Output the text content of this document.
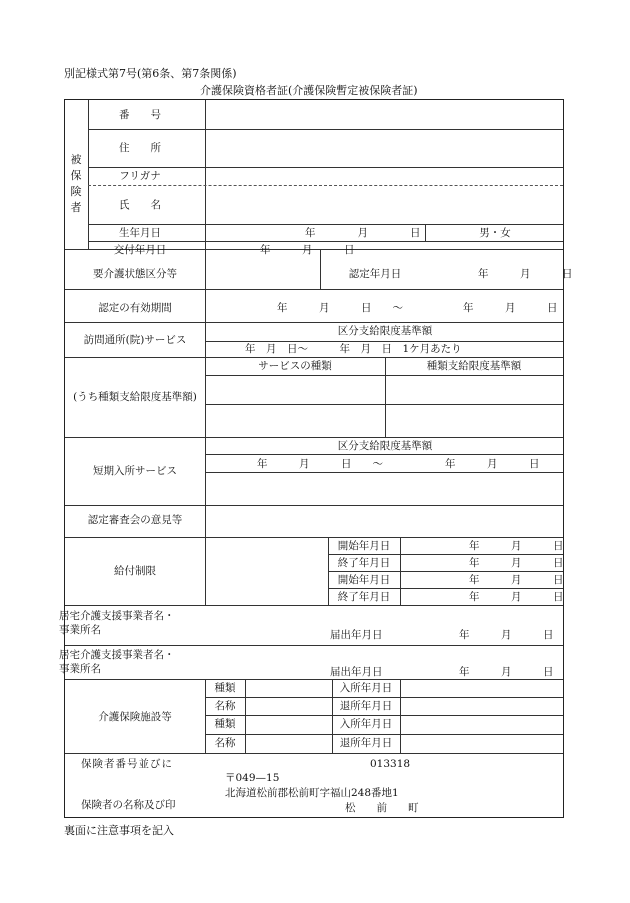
別記様式第7号(第6条、第7条関係)
介護保険資格者証(介護保険暫定被保険者証)
被保険者
番　　号
住　　所
フリガナ
氏　　名
生年月日	年　　　　月　　　　日	男・女
交付年月日	年　　　月　　　日
要介護状態区分等	認定年月日	年　　　月　　　日
認定の有効期間	年　　　月　　　日　　〜	年　　　月　　　日
訪問通所(院)サービス
区分支給限度基準額
年　月　日〜　　　年　月　日　1ケ月あたり
サービスの種類	種類支給限度基準額
(うち種類支給限度基準額)
短期入所サービス
区分支給限度基準額
年　　　月　　　日　　〜	年　　　月　　　日
認定審査会の意見等
給付制限
開始年月日	年　　　月　　　日
終了年月日	年　　　月　　　日
開始年月日	年　　　月　　　日
終了年月日	年　　　月　　　日
居宅介護支援事業者名・
事業所名	届出年月日	年　　　月　　　日
居宅介護支援事業者名・
事業所名	届出年月日	年　　　月　　　日
介護保険施設等
種類	入所年月日
名称	退所年月日
種類	入所年月日
名称	退所年月日
保険者番号並びに
保険者の名称及び印
013318
〒049—15
北海道松前郡松前町字福山248番地1
松　　前　　町
裏面に注意事項を記入
